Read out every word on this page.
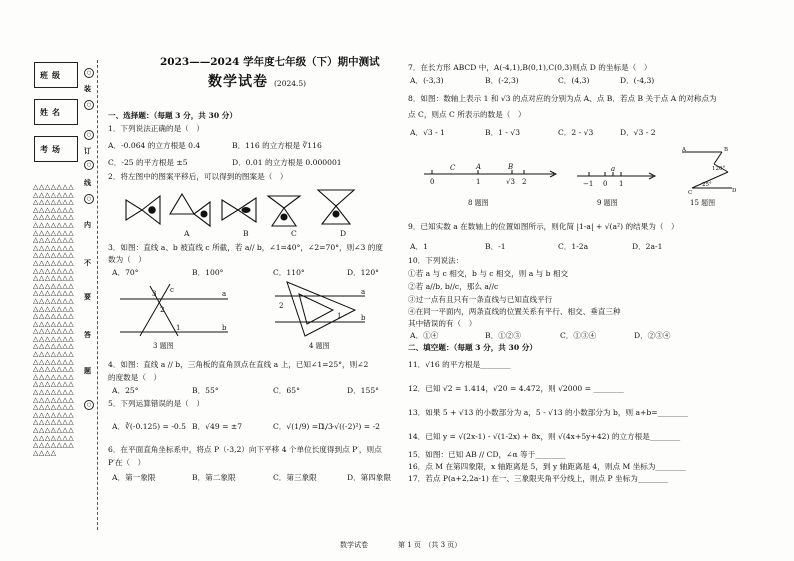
班级
姓名
考场
○
○
○
○
○
○
装
订
线
内
不
要
答
题
△△△△△△△△△△△△△△△△△△△△△△△△△△△△△△△△△△△△△△△△△△△△△△△△△△△△△△△△△△△△△△△△△△△△△△△△△△△△△△△△△△△△△△△△△△△△△△△△△△△△△△△△△△△△△△△△△△△△△△△△△△△△△△△△△△△△△△△△△△△△△△△△△△△△△△△△△△△△△△△△△△△△△△△△△△△△△△△△△△△△△△△△△△△△△△△△△△△△△△△△△△△△△△△△△△△△△△△△△△△△△△△△△△△△△△△△△△△△△△△△△△△△△△△△△
2023——2024 学年度七年级（下）期中测试
数学试卷 (2024.5)
一、选择题：（每题 3 分，共 30 分）
1．下列说法正确的是（　）
A．-0.064 的立方根是 0.4	B．116 的立方根是 ∛116
C．-25 的平方根是 ±5	D．0.01 的立方根是 0.000001
2．将左图中的图案平移后，可以得到的图案是（　）
A	B	C	D
3．如图：直线 a、b 被直线 c 所截，若 a// b，∠1=40°，∠2=70°，则∠3 的度
数为（　）
A．70°	B．100°	C．110°	D．120°
3 c	a
2
1	b
3 题图
2
a
b
1
4 题图
4．如图：直线 a // b，三角板的直角顶点在直线 a 上，已知∠1=25°，则∠2
的度数是（　）
A．25°	B．55°	C．65°	D．155°
5．下列运算错误的是（　）
A．∛(-0.125) = -0.5 B．√49 = ±7	C．√(1/9) = 1/3
D．-√((-2)²) = -2
6．在平面直角坐标系中，将点 P（-3,2）向下平移 4 个单位长度得到点 P′，则点
P′在（　）
A．第一象限	B．第二象限	C．第三象限	D．第四象限
7．在长方形 ABCD 中，A(-4,1),B(0,1),C(0,3)则点 D 的坐标是（　）
A．(-3,3)	B．(-2,3)	C．(4,3)	D．(-4,3)
8．如图：数轴上表示 1 和 √3 的点对应的分别为点 A、点 B．若点 B 关于点 A 的对称点为
点 C，则点 C 所表示的数是（　）
A．√3 - 1	B．1 - √3	C．2 - √3	D．√3 - 2
C	A	B
0	1	√3 2
8 题图
a
−1 0 1
9 题图
A	B
120°
25°
D
C
15 题图
9．已知实数 a 在数轴上的位置如图所示，则化简 |1-a| + √(a²) 的结果为（　）
A．1	B．-1	C．1-2a	D．2a-1
10．下列说法：
①若 a 与 c 相交，b 与 c 相交，则 a 与 b 相交
②若 a//b, b//c，那么 a//c
③过一点有且只有一条直线与已知直线平行
④在同一平面内，两条直线的位置关系有平行、相交、垂直三种
其中错误的有（　）
A．①④	B．①②③	C．①③④	D．②③④
二、填空题：（每题 3 分，共 30 分）
11．√16 的平方根是________
12．已知 √2 = 1.414，√20 = 4.472，则 √2000 = ________
13．如果 5 + √13 的小数部分为 a，5 - √13 的小数部分为 b，则 a+b=________
14．已知 y = √(2x-1) - √(1-2x) + 8x，则 √(4x+5y+42) 的立方根是________
15．如图：已知 AB // CD，∠α 等于________
16．点 M 在第四象限，x 轴距离是 5，到 y 轴距离是 4，则点 M 坐标为________
17．若点 P(a+2,2a-1) 在一、三象限夹角平分线上，则点 P 坐标为________
数学试卷	第 1 页　（共 3 页）
